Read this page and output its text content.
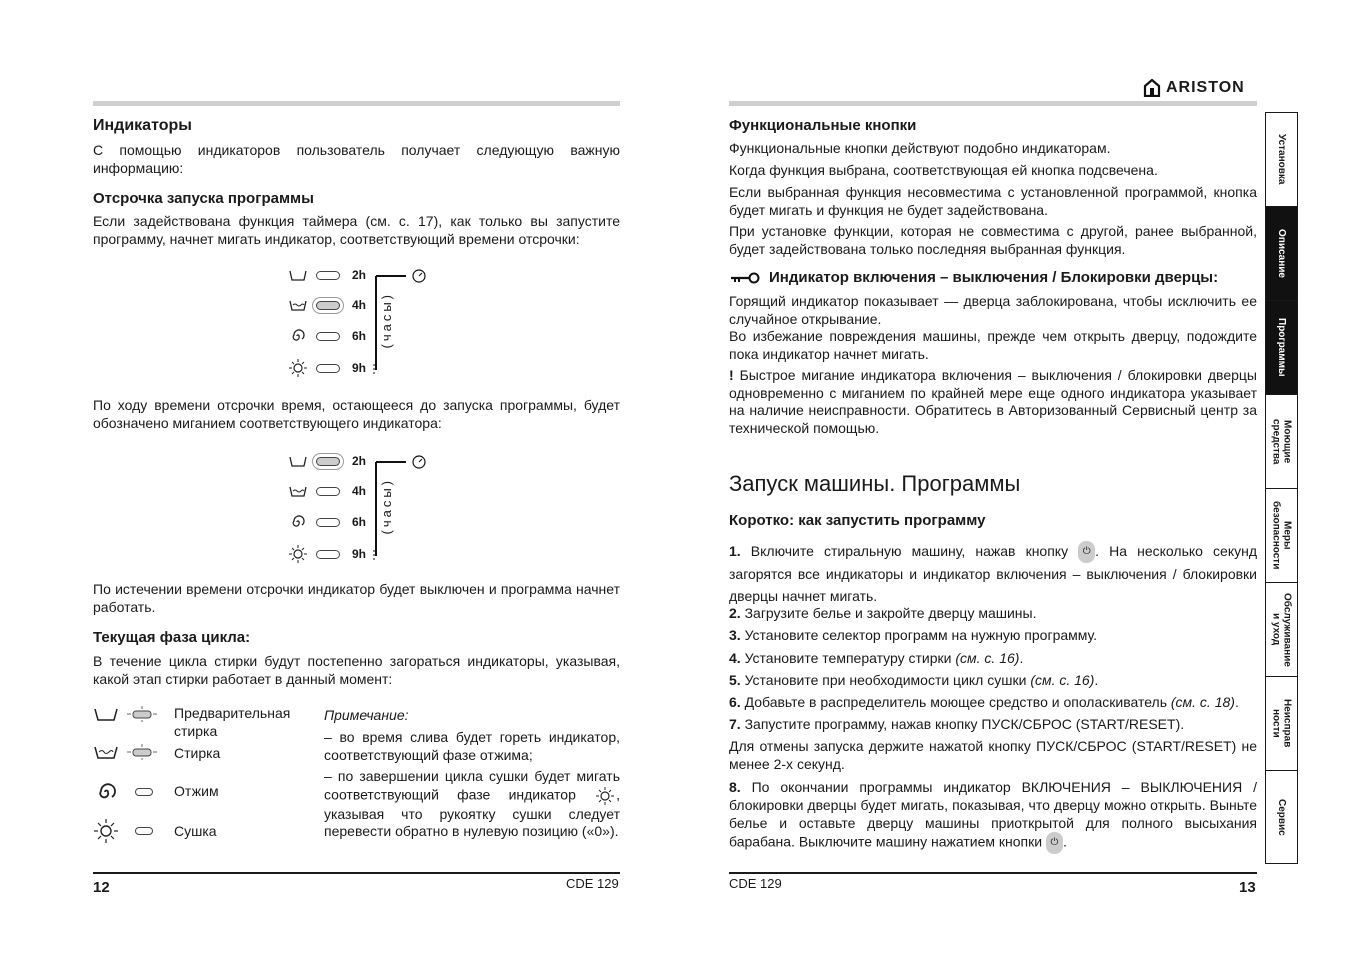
Индикаторы
С помощью индикаторов пользователь получает следующую важную информацию:
Отсрочка запуска программы
Если задействована функция таймера (см. с. 17), как только вы запустите программу, начнет мигать индикатор, соответствующий времени отсрочки:
(часы)
2h
4h
6h
9h
По ходу времени отсрочки время, остающееся до запуска программы, будет обозначено миганием соответствующего индикатора:
(часы)
2h
4h
6h
9h
По истечении времени отсрочки индикатор будет выключен и программа начнет работать.
Текущая фаза цикла:
В течение цикла стирки будут постепенно загораться индикаторы, указывая, какой этап стирки работает в данный момент:
Предварительная стирка
Стирка
Отжим
Сушка
Примечание:
– во время слива будет гореть индикатор, соответствующий фазе отжима;
– по завершении цикла сушки будет мигать соответствующий фазе индикатор	, указывая что рукоятку сушки следует перевести обратно в нулевую позицию («0»).
12	CDE 129
ARISTON
Установка
Описание
Программы
Моющие
средства
Меры
безопасности
Обслуживание
и уход
Неисправ
ности
Сервис
Функциональные кнопки
Функциональные кнопки действуют подобно индикаторам.
Когда функция выбрана, соответствующая ей кнопка подсвечена.
Если выбранная функция несовместима с установленной программой, кнопка будет мигать и функция не будет задействована.
При установке функции, которая не совместима с другой, ранее выбранной, будет задействована только последняя выбранная функция.
Индикатор включения – выключения / Блокировки дверцы:
Горящий индикатор показывает — дверца заблокирована, чтобы исключить ее случайное открывание.
Во избежание повреждения машины, прежде чем открыть дверцу, подождите пока индикатор начнет мигать.
! Быстрое мигание индикатора включения – выключения / блокировки дверцы одновременно с миганием по крайней мере еще одного индикатора указывает на наличие неисправности. Обратитесь в Авторизованный Сервисный центр за технической помощью.
Запуск машины. Программы
Коротко: как запустить программу
1. Включите стиральную машину, нажав кнопку ⏻ . На несколько секунд загорятся все индикаторы и индикатор включения – выключения / блокировки дверцы начнет мигать.
2. Загрузите белье и закройте дверцу машины.
3. Установите селектор программ на нужную программу.
4. Установите температуру стирки (см. с. 16).
5. Установите при необходимости цикл сушки (см. с. 16).
6. Добавьте в распределитель моющее средство и ополаскиватель (см. с. 18).
7. Запустите программу, нажав кнопку ПУСК/СБРОС (START/RESET).
Для отмены запуска держите нажатой кнопку ПУСК/СБРОС (START/RESET) не менее 2-х секунд.
8. По окончании программы индикатор ВКЛЮЧЕНИЯ – ВЫКЛЮЧЕНИЯ / блокировки дверцы будет мигать, показывая, что дверцу можно открыть. Выньте белье и оставьте дверцу машины приоткрытой для полного высыхания барабана. Выключите машину нажатием кнопки ⏻ .
CDE 129	13
